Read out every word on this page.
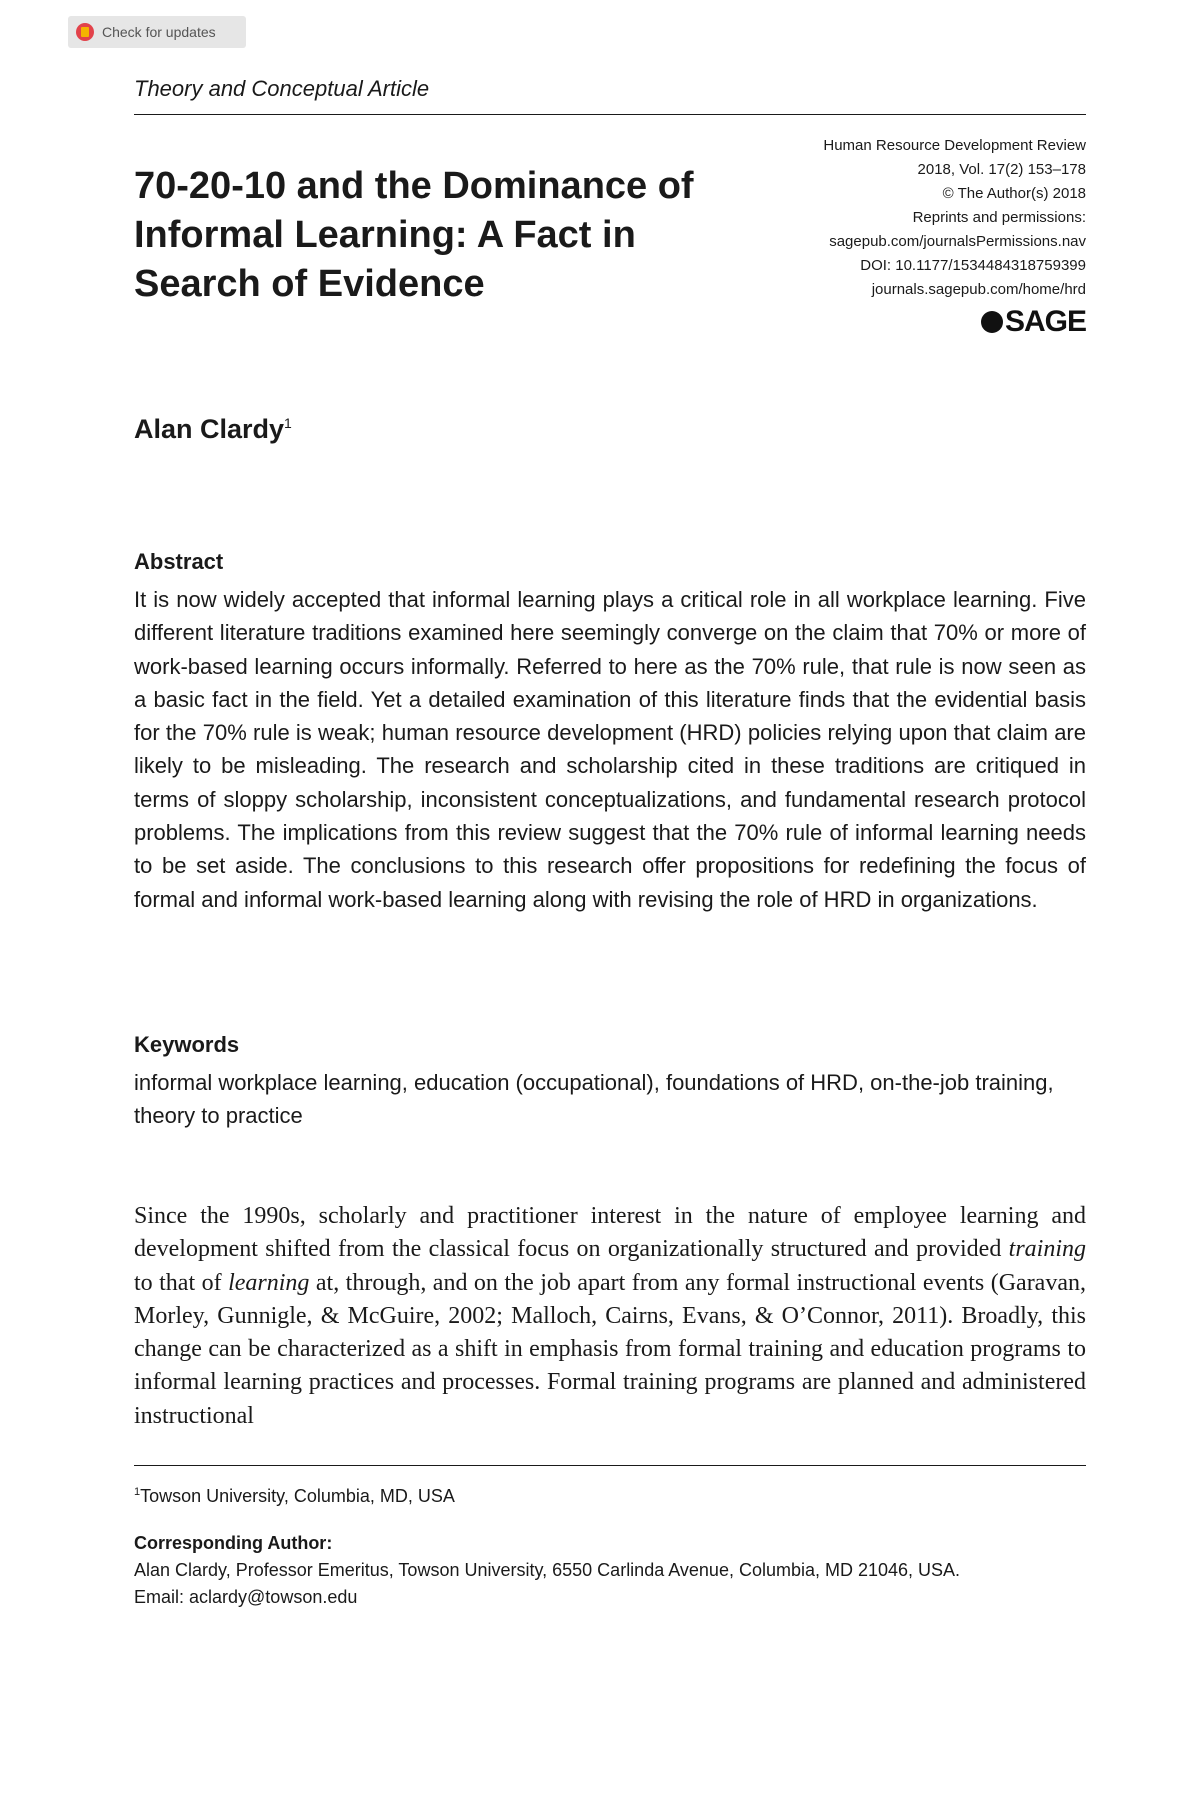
Check for updates
Theory and Conceptual Article
Human Resource Development Review
2018, Vol. 17(2) 153–178
© The Author(s) 2018
Reprints and permissions:
sagepub.com/journalsPermissions.nav
DOI: 10.1177/1534484318759399
journals.sagepub.com/home/hrd
SAGE
70-20-10 and the Dominance of Informal Learning: A Fact in Search of Evidence
Alan Clardy$^1$
Abstract

It is now widely accepted that informal learning plays a critical role in all workplace learning. Five different literature traditions examined here seemingly converge on the claim that 70% or more of work-based learning occurs informally. Referred to here as the 70% rule, that rule is now seen as a basic fact in the field. Yet a detailed examination of this literature finds that the evidential basis for the 70% rule is weak; human resource development (HRD) policies relying upon that claim are likely to be misleading. The research and scholarship cited in these traditions are critiqued in terms of sloppy scholarship, inconsistent conceptualizations, and fundamental research protocol problems. The implications from this review suggest that the 70% rule of informal learning needs to be set aside. The conclusions to this research offer propositions for redefining the focus of formal and informal work-based learning along with revising the role of HRD in organizations.

Keywords

informal workplace learning, education (occupational), foundations of HRD, on-the-job training, theory to practice

Since the 1990s, scholarly and practitioner interest in the nature of employee learning and development shifted from the classical focus on organizationally structured and provided training to that of learning at, through, and on the job apart from any formal instructional events (Garavan, Morley, Gunnigle, & McGuire, 2002; Malloch, Cairns, Evans, & O’Connor, 2011). Broadly, this change can be characterized as a shift in emphasis from formal training and education programs to informal learning practices and processes. Formal training programs are planned and administered instructional

$^1$Towson University, Columbia, MD, USA
Corresponding Author:
Alan Clardy, Professor Emeritus, Towson University, 6550 Carlinda Avenue, Columbia, MD 21046, USA.
Email: aclardy@towson.edu
